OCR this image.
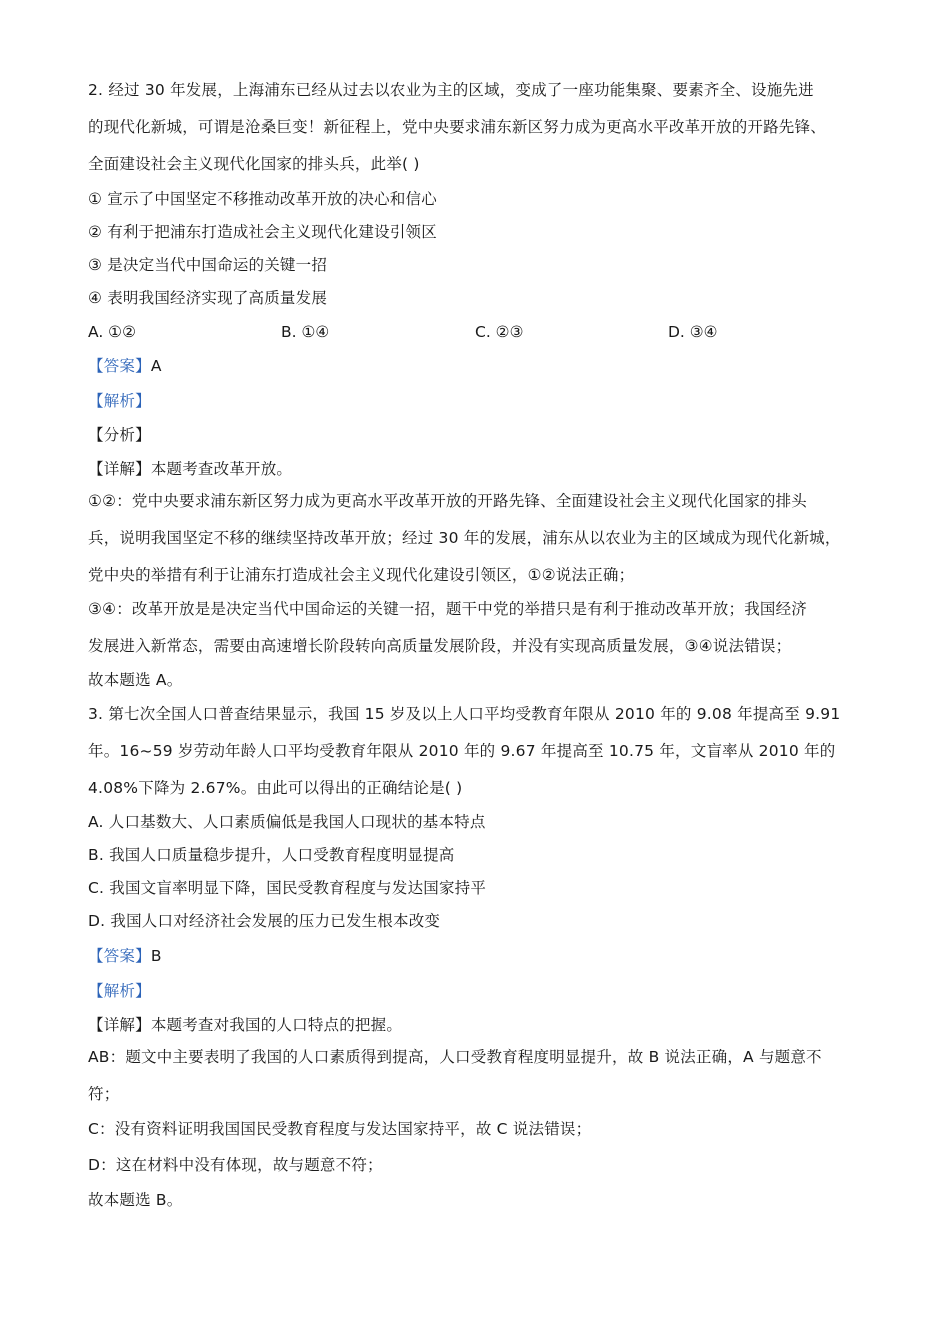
2. 经过 30 年发展，上海浦东已经从过去以农业为主的区域，变成了一座功能集聚、要素齐全、设施先进
的现代化新城，可谓是沧桑巨变！新征程上，党中央要求浦东新区努力成为更高水平改革开放的开路先锋、
全面建设社会主义现代化国家的排头兵，此举( )
① 宣示了中国坚定不移推动改革开放的决心和信心
② 有利于把浦东打造成社会主义现代化建设引领区
③ 是决定当代中国命运的关键一招
④ 表明我国经济实现了高质量发展
A. ①②	B. ①④	C. ②③	D. ③④
【答案】A
【解析】
【分析】
【详解】本题考查改革开放。
①②：党中央要求浦东新区努力成为更高水平改革开放的开路先锋、全面建设社会主义现代化国家的排头
兵，说明我国坚定不移的继续坚持改革开放；经过 30 年的发展，浦东从以农业为主的区域成为现代化新城，
党中央的举措有利于让浦东打造成社会主义现代化建设引领区，①②说法正确；
③④：改革开放是是决定当代中国命运的关键一招，题干中党的举措只是有利于推动改革开放；我国经济
发展进入新常态，需要由高速增长阶段转向高质量发展阶段，并没有实现高质量发展，③④说法错误；
故本题选 A。
3. 第七次全国人口普查结果显示，我国 15 岁及以上人口平均受教育年限从 2010 年的 9.08 年提高至 9.91
年。16~59 岁劳动年龄人口平均受教育年限从 2010 年的 9.67 年提高至 10.75 年，文盲率从 2010 年的
4.08%下降为 2.67%。由此可以得出的正确结论是( )
A. 人口基数大、人口素质偏低是我国人口现状的基本特点
B. 我国人口质量稳步提升，人口受教育程度明显提高
C. 我国文盲率明显下降，国民受教育程度与发达国家持平
D. 我国人口对经济社会发展的压力已发生根本改变
【答案】B
【解析】
【详解】本题考查对我国的人口特点的把握。
AB：题文中主要表明了我国的人口素质得到提高，人口受教育程度明显提升，故 B 说法正确，A 与题意不
符；
C：没有资料证明我国国民受教育程度与发达国家持平，故 C 说法错误；
D：这在材料中没有体现，故与题意不符；
故本题选 B。
